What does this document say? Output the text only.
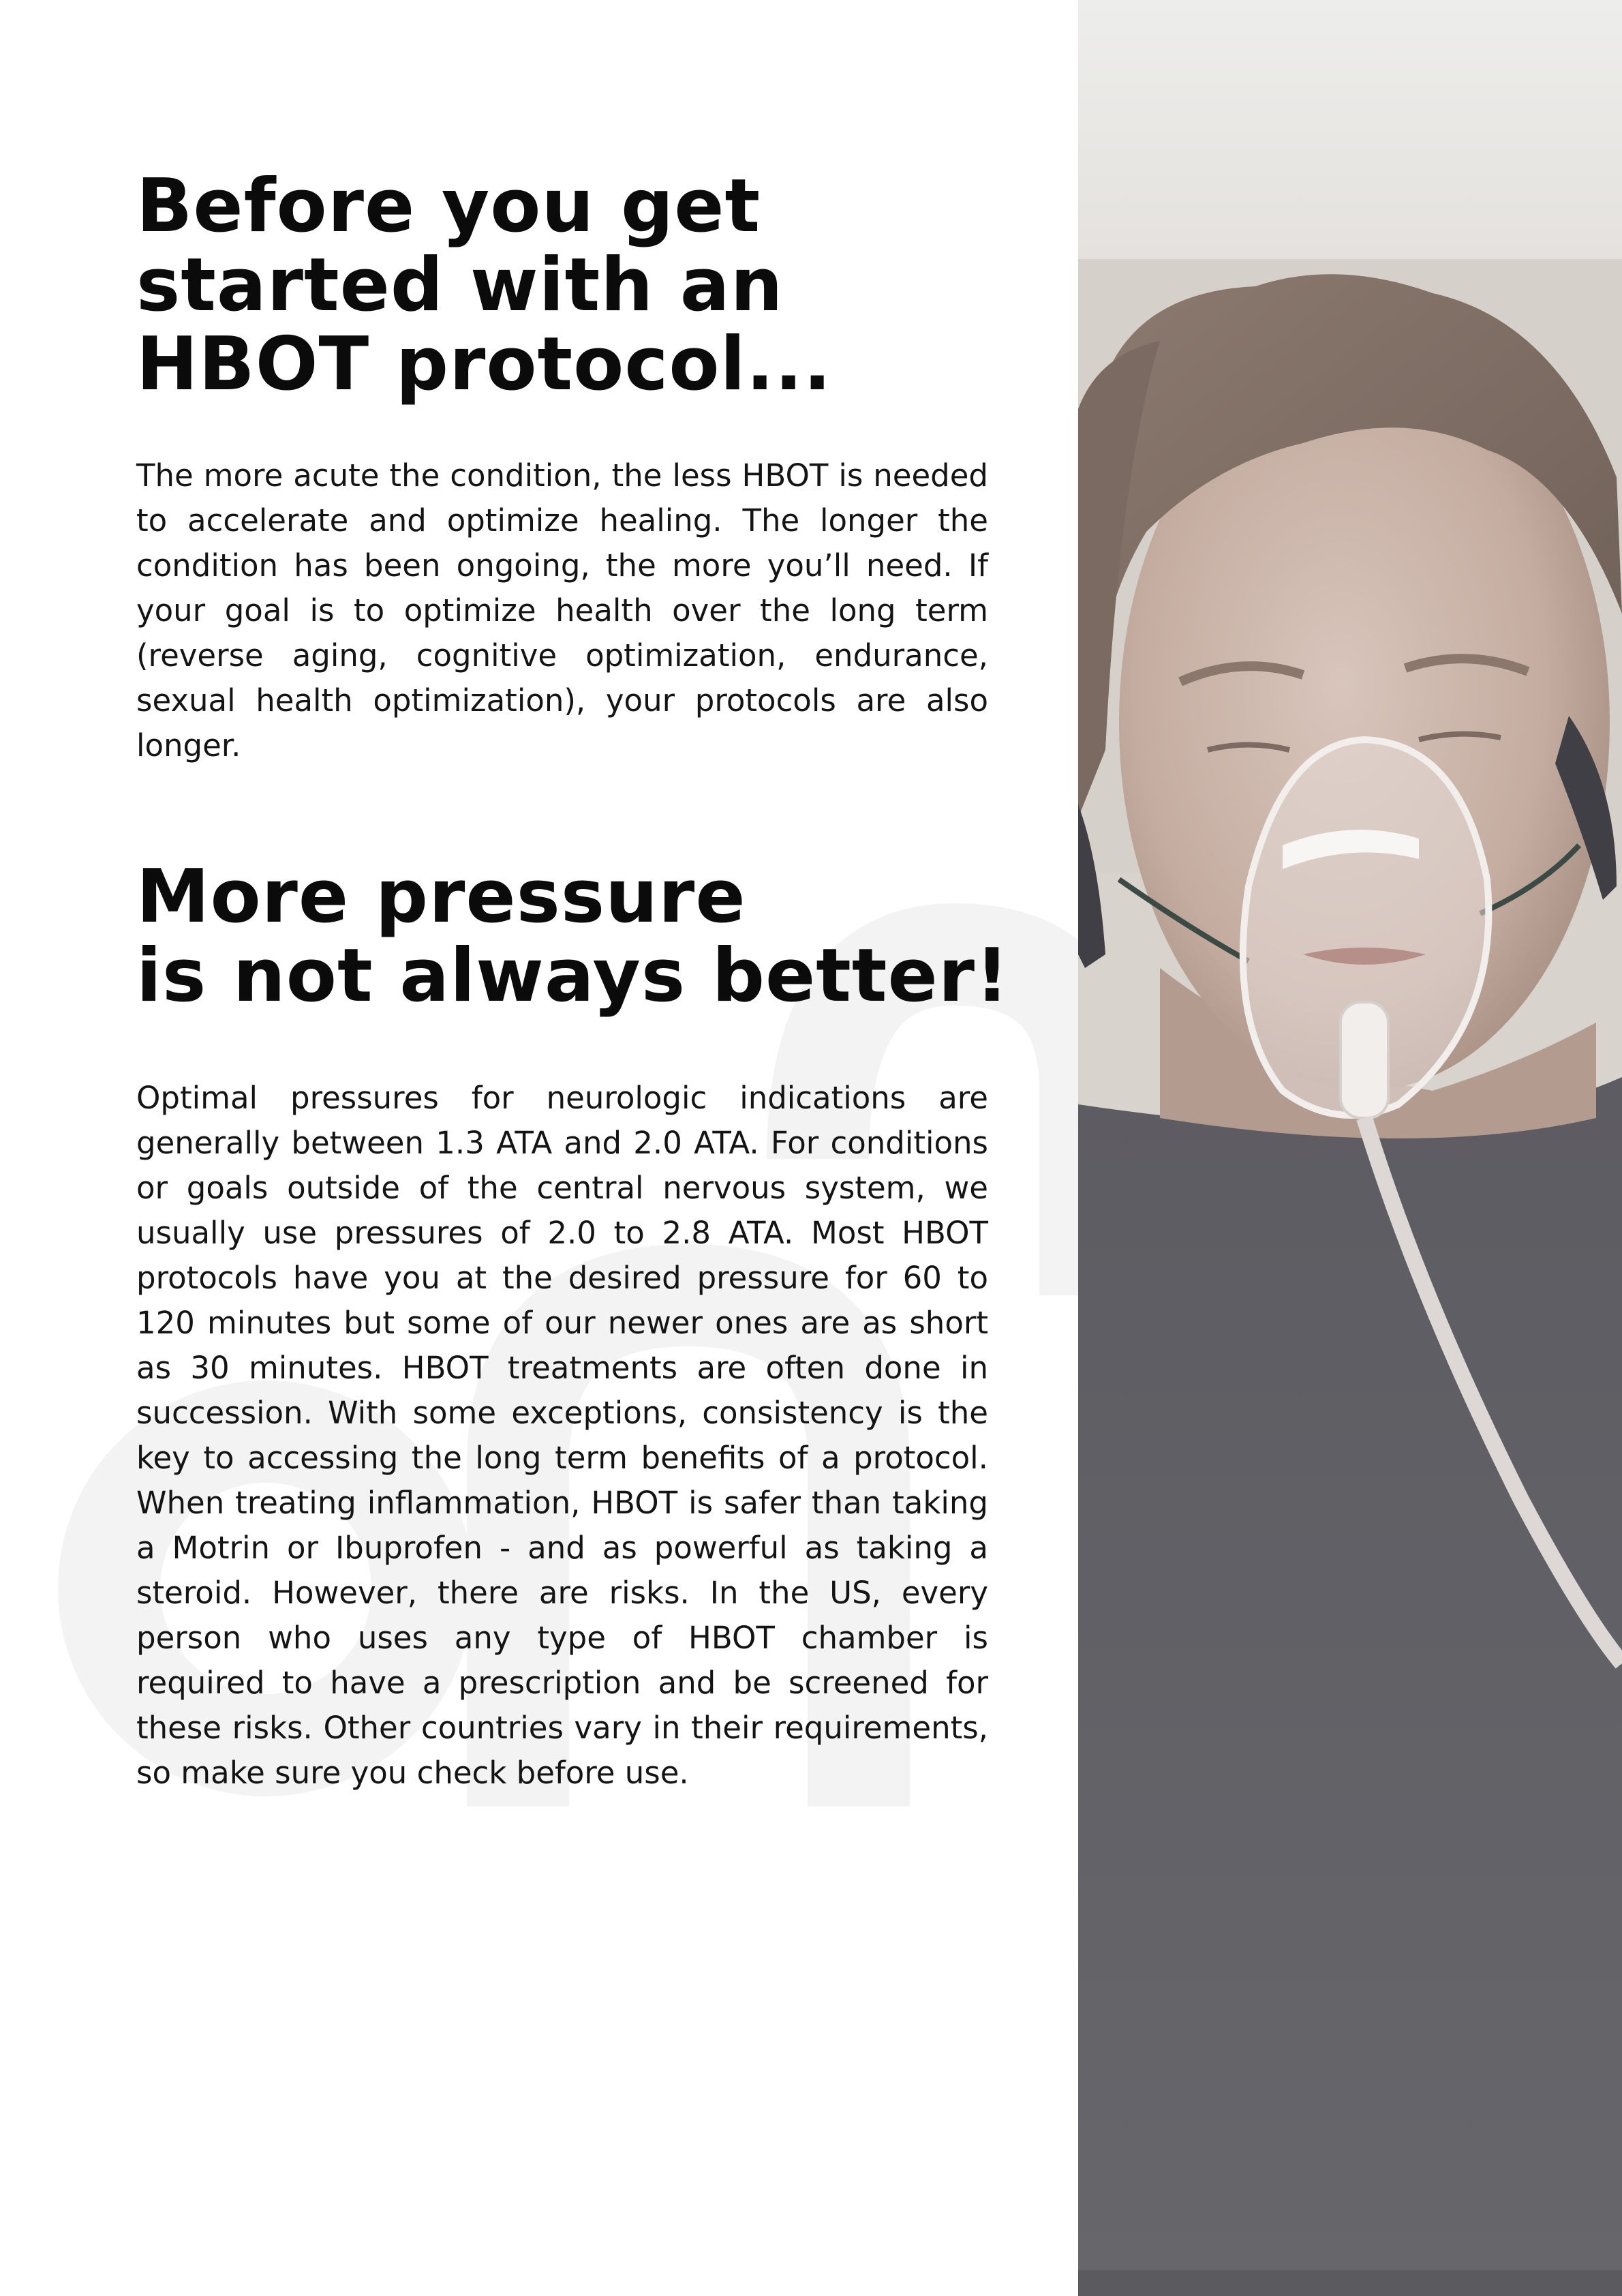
Before you get
started with an
HBOT protocol...

The more acute the condition, the less HBOT is needed to accelerate and optimize healing. The longer the condition has been ongoing, the more you’ll need. If your goal is to optimize health over the long term (reverse aging, cognitive optimization, endurance, sexual health optimization), your protocols are also longer.

More pressure
is not always better!

Optimal pressures for neurologic indications are generally between 1.3 ATA and 2.0 ATA. For conditions or goals outside of the central nervous system, we usually use pressures of 2.0 to 2.8 ATA. Most HBOT protocols have you at the desired pressure for 60 to 120 minutes but some of our newer ones are as short as 30 minutes. HBOT treatments are often done in succession. With some exceptions, consistency is the key to accessing the long term benefits of a protocol. When treating inflammation, HBOT is safer than taking a Motrin or Ibuprofen - and as powerful as taking a steroid. However, there are risks. In the US, every person who uses any type of HBOT chamber is required to have a prescription and be screened for these risks. Other countries vary in their requirements, so make sure you check before use.
